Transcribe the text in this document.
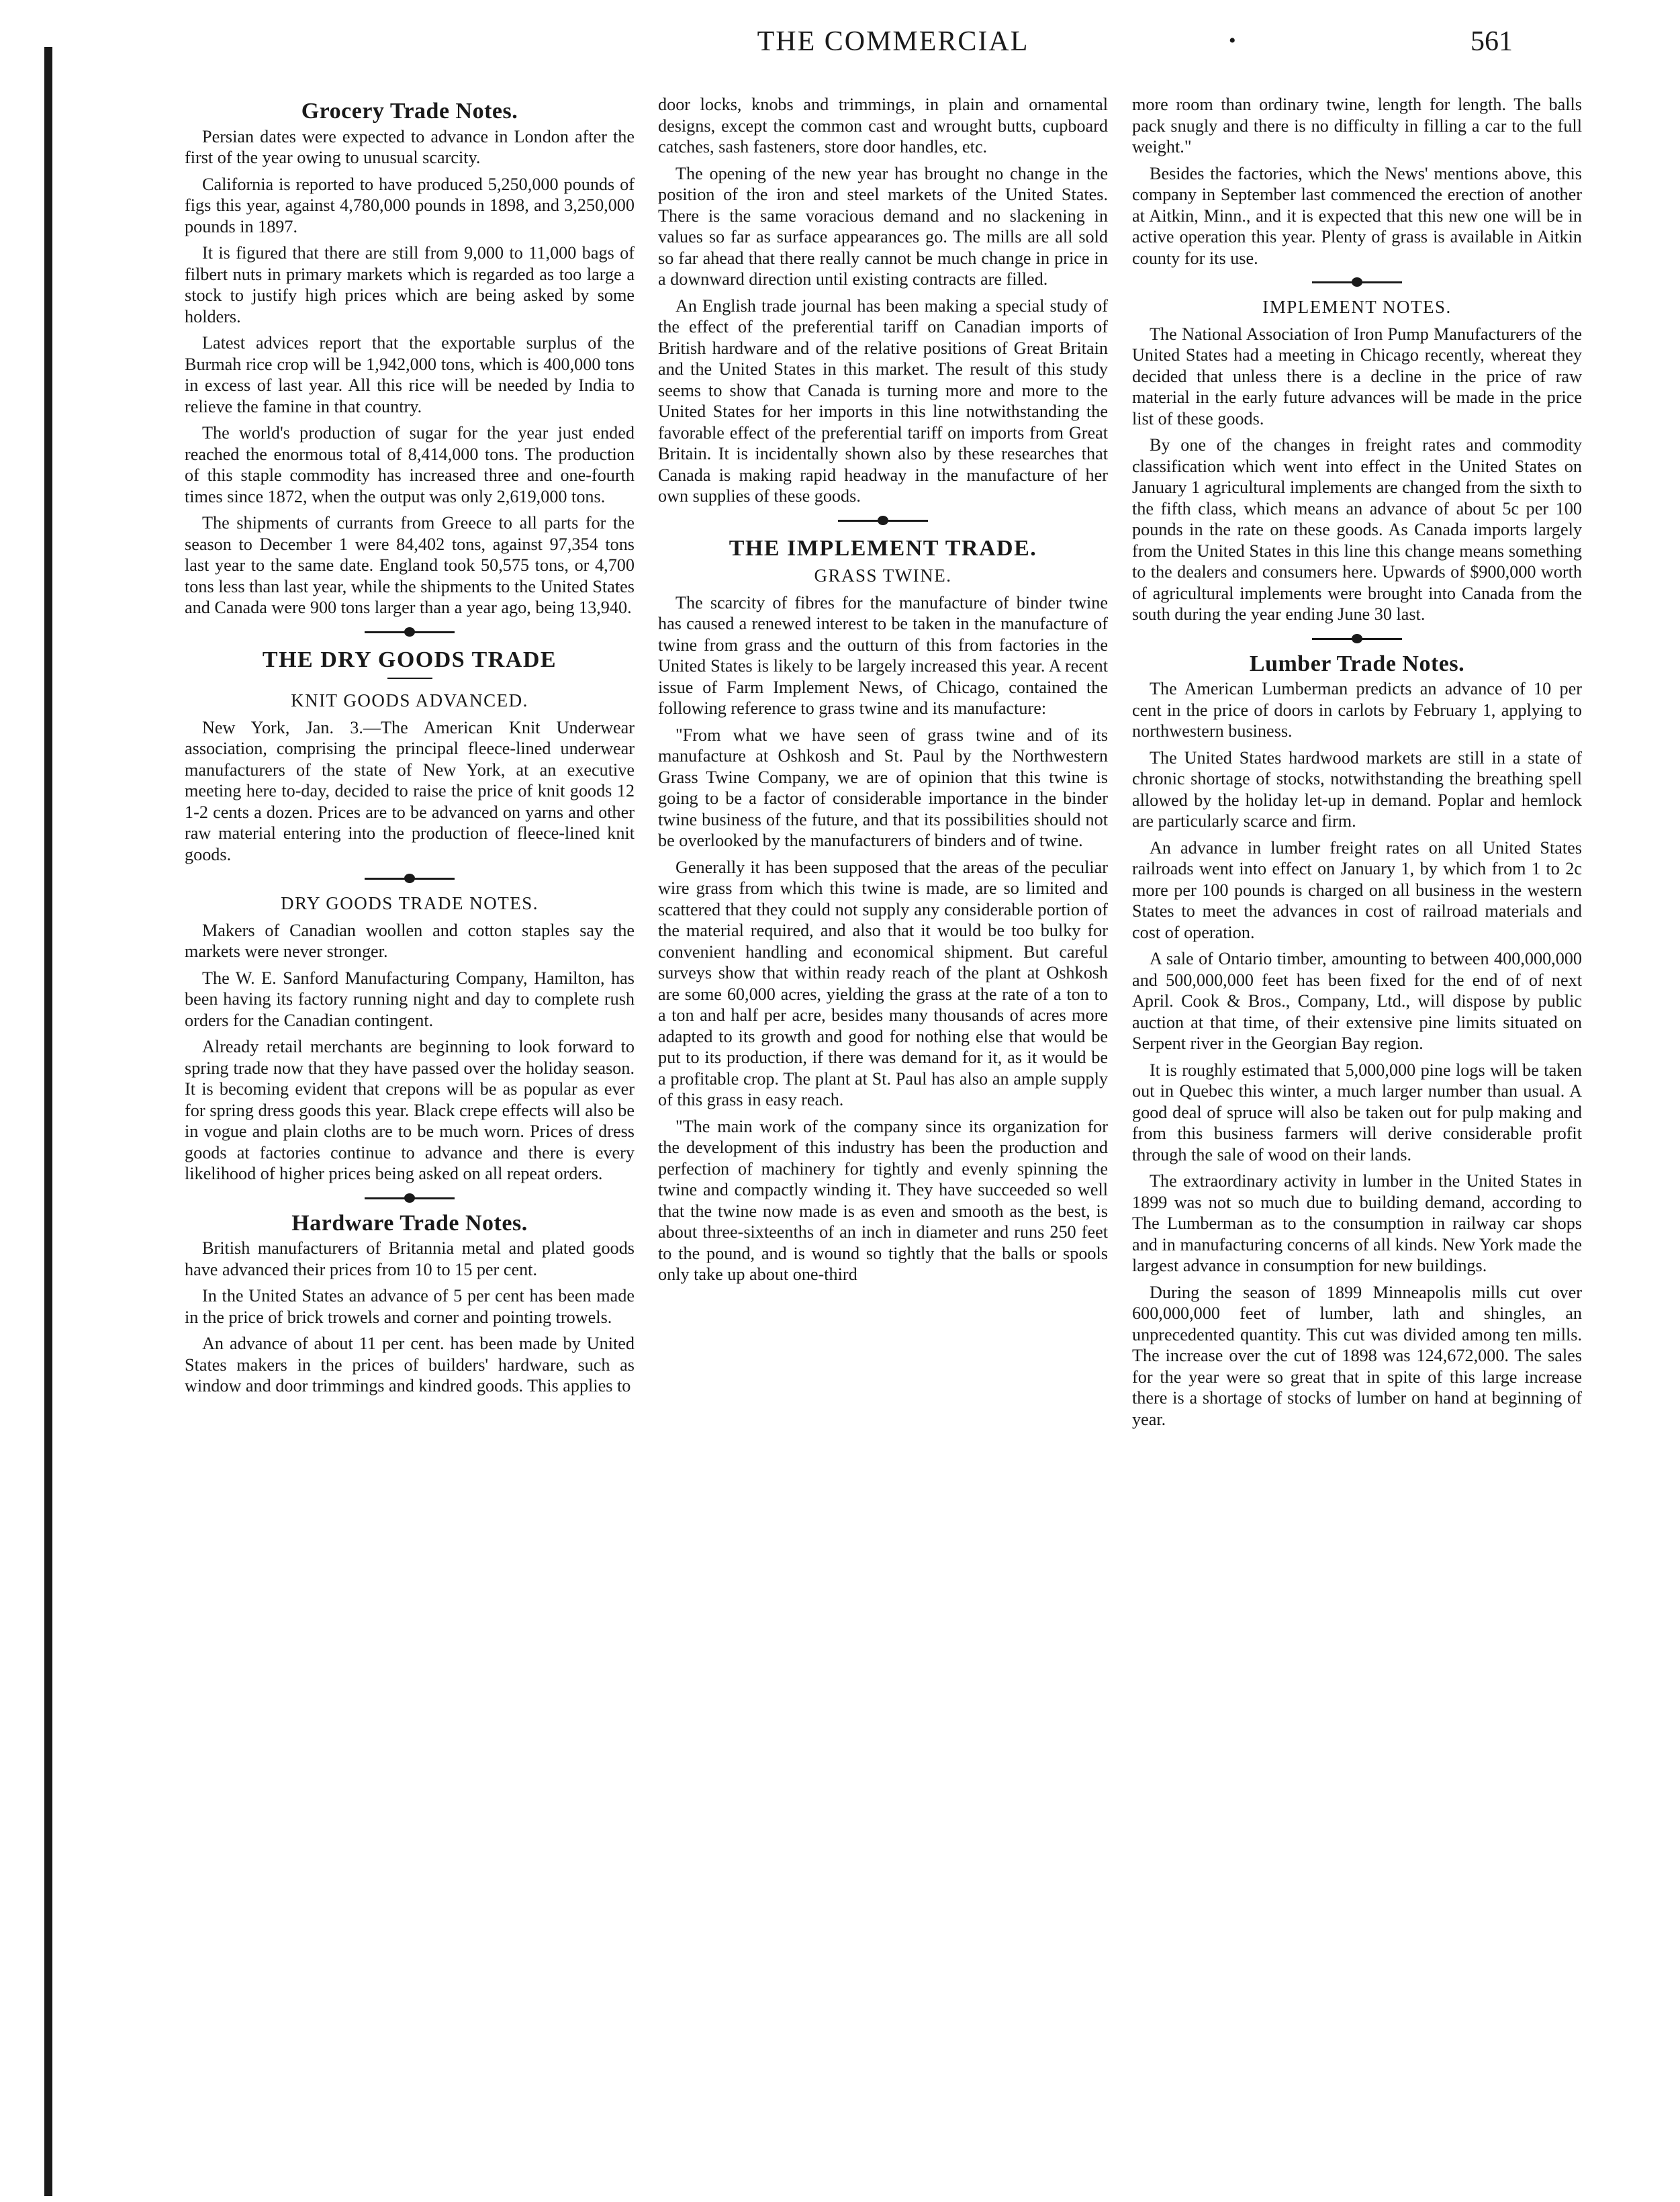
THE COMMERCIAL	•	561
Grocery Trade Notes.

Persian dates were expected to advance in London after the first of the year owing to unusual scarcity.

California is reported to have produced 5,250,000 pounds of figs this year, against 4,780,000 pounds in 1898, and 3,250,000 pounds in 1897.

It is figured that there are still from 9,000 to 11,000 bags of filbert nuts in primary markets which is regarded as too large a stock to justify high prices which are being asked by some holders.

Latest advices report that the exportable surplus of the Burmah rice crop will be 1,942,000 tons, which is 400,000 tons in excess of last year. All this rice will be needed by India to relieve the famine in that country.

The world's production of sugar for the year just ended reached the enormous total of 8,414,000 tons. The production of this staple commodity has increased three and one-fourth times since 1872, when the output was only 2,619,000 tons.

The shipments of currants from Greece to all parts for the season to December 1 were 84,402 tons, against 97,354 tons last year to the same date. England took 50,575 tons, or 4,700 tons less than last year, while the shipments to the United States and Canada were 900 tons larger than a year ago, being 13,940.

THE DRY GOODS TRADE
KNIT GOODS ADVANCED.

New York, Jan. 3.—The American Knit Underwear association, comprising the principal fleece-lined underwear manufacturers of the state of New York, at an executive meeting here to-day, decided to raise the price of knit goods 12 1-2 cents a dozen. Prices are to be advanced on yarns and other raw material entering into the production of fleece-lined knit goods.

DRY GOODS TRADE NOTES.

Makers of Canadian woollen and cotton staples say the markets were never stronger.

The W. E. Sanford Manufacturing Company, Hamilton, has been having its factory running night and day to complete rush orders for the Canadian contingent.

Already retail merchants are beginning to look forward to spring trade now that they have passed over the holiday season. It is becoming evident that crepons will be as popular as ever for spring dress goods this year. Black crepe effects will also be in vogue and plain cloths are to be much worn. Prices of dress goods at factories continue to advance and there is every likelihood of higher prices being asked on all repeat orders.

Hardware Trade Notes.

British manufacturers of Britannia metal and plated goods have advanced their prices from 10 to 15 per cent.

In the United States an advance of 5 per cent has been made in the price of brick trowels and corner and pointing trowels.

An advance of about 11 per cent. has been made by United States makers in the prices of builders' hardware, such as window and door trimmings and kindred goods. This applies to

door locks, knobs and trimmings, in plain and ornamental designs, except the common cast and wrought butts, cupboard catches, sash fasteners, store door handles, etc.

The opening of the new year has brought no change in the position of the iron and steel markets of the United States. There is the same voracious demand and no slackening in values so far as surface appearances go. The mills are all sold so far ahead that there really cannot be much change in price in a downward direction until existing contracts are filled.

An English trade journal has been making a special study of the effect of the preferential tariff on Canadian imports of British hardware and of the relative positions of Great Britain and the United States in this market. The result of this study seems to show that Canada is turning more and more to the United States for her imports in this line notwithstanding the favorable effect of the preferential tariff on imports from Great Britain. It is incidentally shown also by these researches that Canada is making rapid headway in the manufacture of her own supplies of these goods.

THE IMPLEMENT TRADE.
GRASS TWINE.

The scarcity of fibres for the manufacture of binder twine has caused a renewed interest to be taken in the manufacture of twine from grass and the outturn of this from factories in the United States is likely to be largely increased this year. A recent issue of Farm Implement News, of Chicago, contained the following reference to grass twine and its manufacture:

"From what we have seen of grass twine and of its manufacture at Oshkosh and St. Paul by the Northwestern Grass Twine Company, we are of opinion that this twine is going to be a factor of considerable importance in the binder twine business of the future, and that its possibilities should not be overlooked by the manufacturers of binders and of twine.

Generally it has been supposed that the areas of the peculiar wire grass from which this twine is made, are so limited and scattered that they could not supply any considerable portion of the material required, and also that it would be too bulky for convenient handling and economical shipment. But careful surveys show that within ready reach of the plant at Oshkosh are some 60,000 acres, yielding the grass at the rate of a ton to a ton and half per acre, besides many thousands of acres more adapted to its growth and good for nothing else that would be put to its production, if there was demand for it, as it would be a profitable crop. The plant at St. Paul has also an ample supply of this grass in easy reach.

"The main work of the company since its organization for the development of this industry has been the production and perfection of machinery for tightly and evenly spinning the twine and compactly winding it. They have succeeded so well that the twine now made is as even and smooth as the best, is about three-sixteenths of an inch in diameter and runs 250 feet to the pound, and is wound so tightly that the balls or spools only take up about one-third

more room than ordinary twine, length for length. The balls pack snugly and there is no difficulty in filling a car to the full weight."

Besides the factories, which the News' mentions above, this company in September last commenced the erection of another at Aitkin, Minn., and it is expected that this new one will be in active operation this year. Plenty of grass is available in Aitkin county for its use.

IMPLEMENT NOTES.

The National Association of Iron Pump Manufacturers of the United States had a meeting in Chicago recently, whereat they decided that unless there is a decline in the price of raw material in the early future advances will be made in the price list of these goods.

By one of the changes in freight rates and commodity classification which went into effect in the United States on January 1 agricultural implements are changed from the sixth to the fifth class, which means an advance of about 5c per 100 pounds in the rate on these goods. As Canada imports largely from the United States in this line this change means something to the dealers and consumers here. Upwards of $900,000 worth of agricultural implements were brought into Canada from the south during the year ending June 30 last.

Lumber Trade Notes.

The American Lumberman predicts an advance of 10 per cent in the price of doors in carlots by February 1, applying to northwestern business.

The United States hardwood markets are still in a state of chronic shortage of stocks, notwithstanding the breathing spell allowed by the holiday let-up in demand. Poplar and hemlock are particularly scarce and firm.

An advance in lumber freight rates on all United States railroads went into effect on January 1, by which from 1 to 2c more per 100 pounds is charged on all business in the western States to meet the advances in cost of railroad materials and cost of operation.

A sale of Ontario timber, amounting to between 400,000,000 and 500,000,000 feet has been fixed for the end of of next April. Cook & Bros., Company, Ltd., will dispose by public auction at that time, of their extensive pine limits situated on Serpent river in the Georgian Bay region.

It is roughly estimated that 5,000,000 pine logs will be taken out in Quebec this winter, a much larger number than usual. A good deal of spruce will also be taken out for pulp making and from this business farmers will derive considerable profit through the sale of wood on their lands.

The extraordinary activity in lumber in the United States in 1899 was not so much due to building demand, according to The Lumberman as to the consumption in railway car shops and in manufacturing concerns of all kinds. New York made the largest advance in consumption for new buildings.

During the season of 1899 Minneapolis mills cut over 600,000,000 feet of lumber, lath and shingles, an unprecedented quantity. This cut was divided among ten mills. The increase over the cut of 1898 was 124,672,000. The sales for the year were so great that in spite of this large increase there is a shortage of stocks of lumber on hand at beginning of year.
